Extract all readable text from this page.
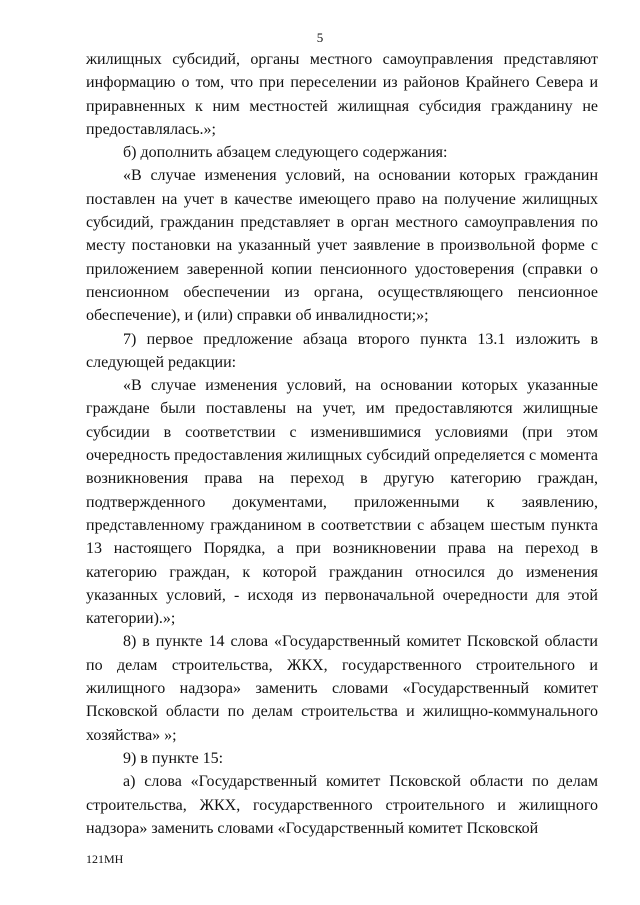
5

жилищных субсидий, органы местного самоуправления представляют информацию о том, что при переселении из районов Крайнего Севера и приравненных к ним местностей жилищная субсидия гражданину не предоставлялась.»;

б) дополнить абзацем следующего содержания:

«В случае изменения условий, на основании которых гражданин поставлен на учет в качестве имеющего право на получение жилищных субсидий, гражданин представляет в орган местного самоуправления по месту постановки на указанный учет заявление в произвольной форме с приложением заверенной копии пенсионного удостоверения (справки о пенсионном обеспечении из органа, осуществляющего пенсионное обеспечение), и (или) справки об инвалидности;»;

7) первое предложение абзаца второго пункта 13.1 изложить в следующей редакции:

«В случае изменения условий, на основании которых указанные граждане были поставлены на учет, им предоставляются жилищные субсидии в соответствии с изменившимися условиями (при этом очередность предоставления жилищных субсидий определяется с момента возникновения права на переход в другую категорию граждан, подтвержденного документами, приложенными к заявлению, представленному гражданином в соответствии с абзацем шестым пункта 13 настоящего Порядка, а при возникновении права на переход в категорию граждан, к которой гражданин относился до изменения указанных условий, - исходя из первоначальной очередности для этой категории).»;

8) в пункте 14 слова «Государственный комитет Псковской области по делам строительства, ЖКХ, государственного строительного и жилищного надзора» заменить словами «Государственный комитет Псковской области по делам строительства и жилищно-коммунального хозяйства» »;

9) в пункте 15:

а) слова «Государственный комитет Псковской области по делам строительства, ЖКХ, государственного строительного и жилищного надзора» заменить словами «Государственный комитет Псковской

121МН
